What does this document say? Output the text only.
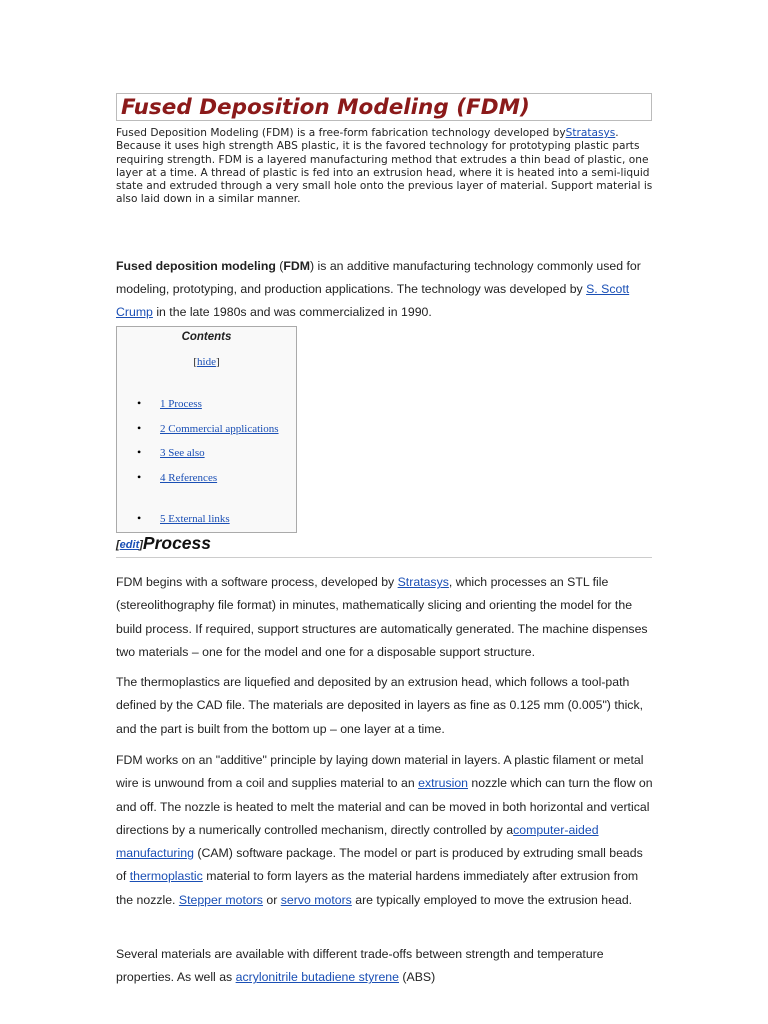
Fused Deposition Modeling (FDM)

Fused Deposition Modeling (FDM) is a free-form fabrication technology developed byStratasys. Because it uses high strength ABS plastic, it is the favored technology for prototyping plastic parts requiring strength. FDM is a layered manufacturing method that extrudes a thin bead of plastic, one layer at a time. A thread of plastic is fed into an extrusion head, where it is heated into a semi-liquid state and extruded through a very small hole onto the previous layer of material. Support material is also laid down in a similar manner.

Fused deposition modeling (FDM) is an additive manufacturing technology commonly used for modeling, prototyping, and production applications. The technology was developed by S. Scott Crump in the late 1980s and was commercialized in 1990.

Contents
[hide]
• 1 Process
• 2 Commercial applications
• 3 See also
• 4 References
• 5 External links
[edit]Process

FDM begins with a software process, developed by Stratasys, which processes an STL file (stereolithography file format) in minutes, mathematically slicing and orienting the model for the build process. If required, support structures are automatically generated. The machine dispenses two materials – one for the model and one for a disposable support structure.

The thermoplastics are liquefied and deposited by an extrusion head, which follows a tool-path defined by the CAD file. The materials are deposited in layers as fine as 0.125 mm (0.005") thick, and the part is built from the bottom up – one layer at a time.

FDM works on an "additive" principle by laying down material in layers. A plastic filament or metal wire is unwound from a coil and supplies material to an extrusion nozzle which can turn the flow on and off. The nozzle is heated to melt the material and can be moved in both horizontal and vertical directions by a numerically controlled mechanism, directly controlled by acomputer-aided manufacturing (CAM) software package. The model or part is produced by extruding small beads of thermoplastic material to form layers as the material hardens immediately after extrusion from the nozzle. Stepper motors or servo motors are typically employed to move the extrusion head.

Several materials are available with different trade-offs between strength and temperature properties. As well as acrylonitrile butadiene styrene (ABS)
